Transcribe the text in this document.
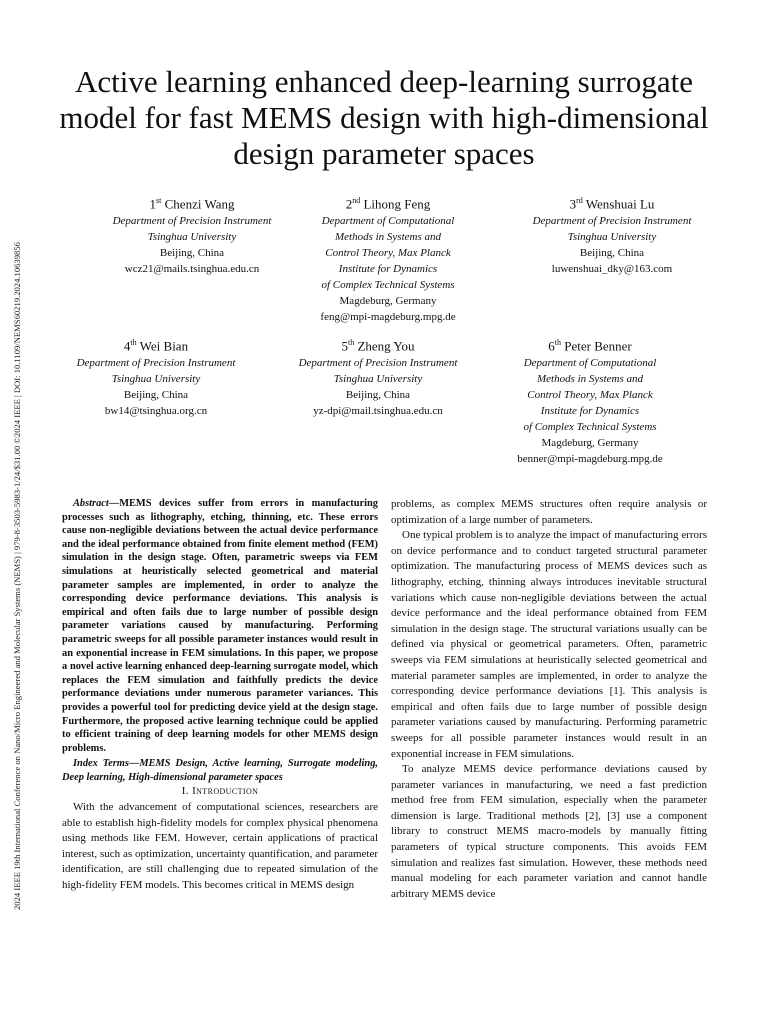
2024 IEEE 19th International Conference on Nano/Micro Engineered and Molecular Systems (NEMS) | 979-8-3503-5983-1/24/$31.00 ©2024 IEEE | DOI: 10.1109/NEMS60219.2024.10639856
Active learning enhanced deep-learning surrogate model for fast MEMS design with high-dimensional design parameter spaces
1st Chenzi Wang
Department of Precision Instrument
Tsinghua University
Beijing, China
wcz21@mails.tsinghua.edu.cn
2nd Lihong Feng
Department of Computational
Methods in Systems and
Control Theory, Max Planck
Institute for Dynamics
of Complex Technical Systems
Magdeburg, Germany
feng@mpi-magdeburg.mpg.de
3rd Wenshuai Lu
Department of Precision Instrument
Tsinghua University
Beijing, China
luwenshuai_dky@163.com
4th Wei Bian
Department of Precision Instrument
Tsinghua University
Beijing, China
bw14@tsinghua.org.cn
5th Zheng You
Department of Precision Instrument
Tsinghua University
Beijing, China
yz-dpi@mail.tsinghua.edu.cn
6th Peter Benner
Department of Computational
Methods in Systems and
Control Theory, Max Planck
Institute for Dynamics
of Complex Technical Systems
Magdeburg, Germany
benner@mpi-magdeburg.mpg.de

Abstract—MEMS devices suffer from errors in manufacturing processes such as lithography, etching, thinning, etc. These errors cause non-negligible deviations between the actual device performance and the ideal performance obtained from finite element method (FEM) simulation in the design stage. Often, parametric sweeps via FEM simulations at heuristically selected geometrical and material parameter samples are implemented, in order to analyze the corresponding device performance deviations. This analysis is empirical and often fails due to large number of possible design parameter variations caused by manufacturing. Performing parametric sweeps for all possible parameter instances would result in an exponential increase in FEM simulations. In this paper, we propose a novel active learning enhanced deep-learning surrogate model, which replaces the FEM simulation and faithfully predicts the device performance deviations under numerous parameter variances. This provides a powerful tool for predicting device yield at the design stage. Furthermore, the proposed active learning technique could be applied to efficient training of deep learning models for other MEMS design problems.

Index Terms—MEMS Design, Active learning, Surrogate modeling, Deep learning, High-dimensional parameter spaces

I. Introduction

With the advancement of computational sciences, researchers are able to establish high-fidelity models for complex physical phenomena using methods like FEM. However, certain applications of practical interest, such as optimization, uncertainty quantification, and parameter identification, are still challenging due to repeated simulation of the high-fidelity FEM models. This becomes critical in MEMS design

problems, as complex MEMS structures often require analysis or optimization of a large number of parameters.

One typical problem is to analyze the impact of manufacturing errors on device performance and to conduct targeted structural parameter optimization. The manufacturing process of MEMS devices such as lithography, etching, thinning always introduces inevitable structural variations which cause non-negligible deviations between the actual device performance and the ideal performance obtained from FEM simulation in the design stage. The structural variations usually can be defined via physical or geometrical parameters. Often, parametric sweeps via FEM simulations at heuristically selected geometrical and material parameter samples are implemented, in order to analyze the corresponding device performance deviations [1]. This analysis is empirical and often fails due to large number of possible design parameter variations caused by manufacturing. Performing parametric sweeps for all possible parameter instances would result in an exponential increase in FEM simulations.

To analyze MEMS device performance deviations caused by parameter variances in manufacturing, we need a fast prediction method free from FEM simulation, especially when the parameter dimension is large. Traditional methods [2], [3] use a component library to construct MEMS macro-models by manually fitting parameters of typical structure components. This avoids FEM simulation and realizes fast simulation. However, these methods need manual modeling for each parameter variation and cannot handle arbitrary MEMS device
